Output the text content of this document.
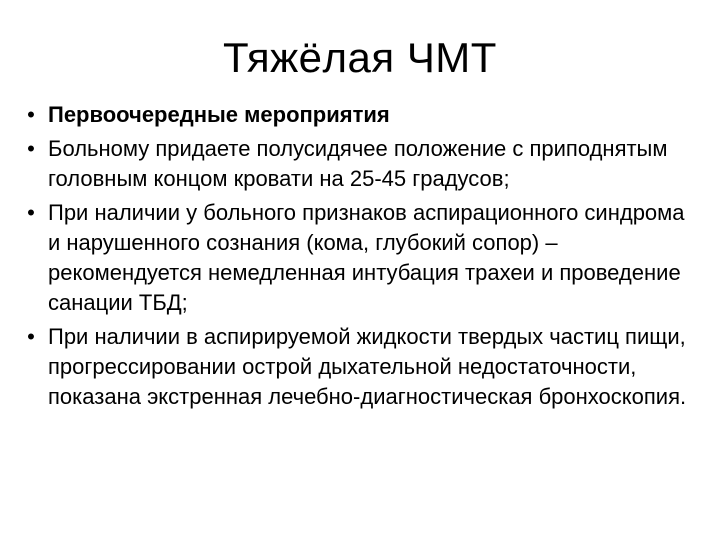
Тяжёлая ЧМТ
• Первоочередные мероприятия
• Больному придаете полусидячее положение с приподнятым головным концом кровати на 25-45 градусов;
• При наличии у больного признаков аспирационного синдрома и нарушенного сознания (кома, глубокий сопор) – рекомендуется немедленная интубация трахеи и проведение санации ТБД;
• При наличии в аспирируемой жидкости твердых частиц пищи, прогрессировании острой дыхательной недостаточности, показана экстренная лечебно-диагностическая бронхоскопия.
